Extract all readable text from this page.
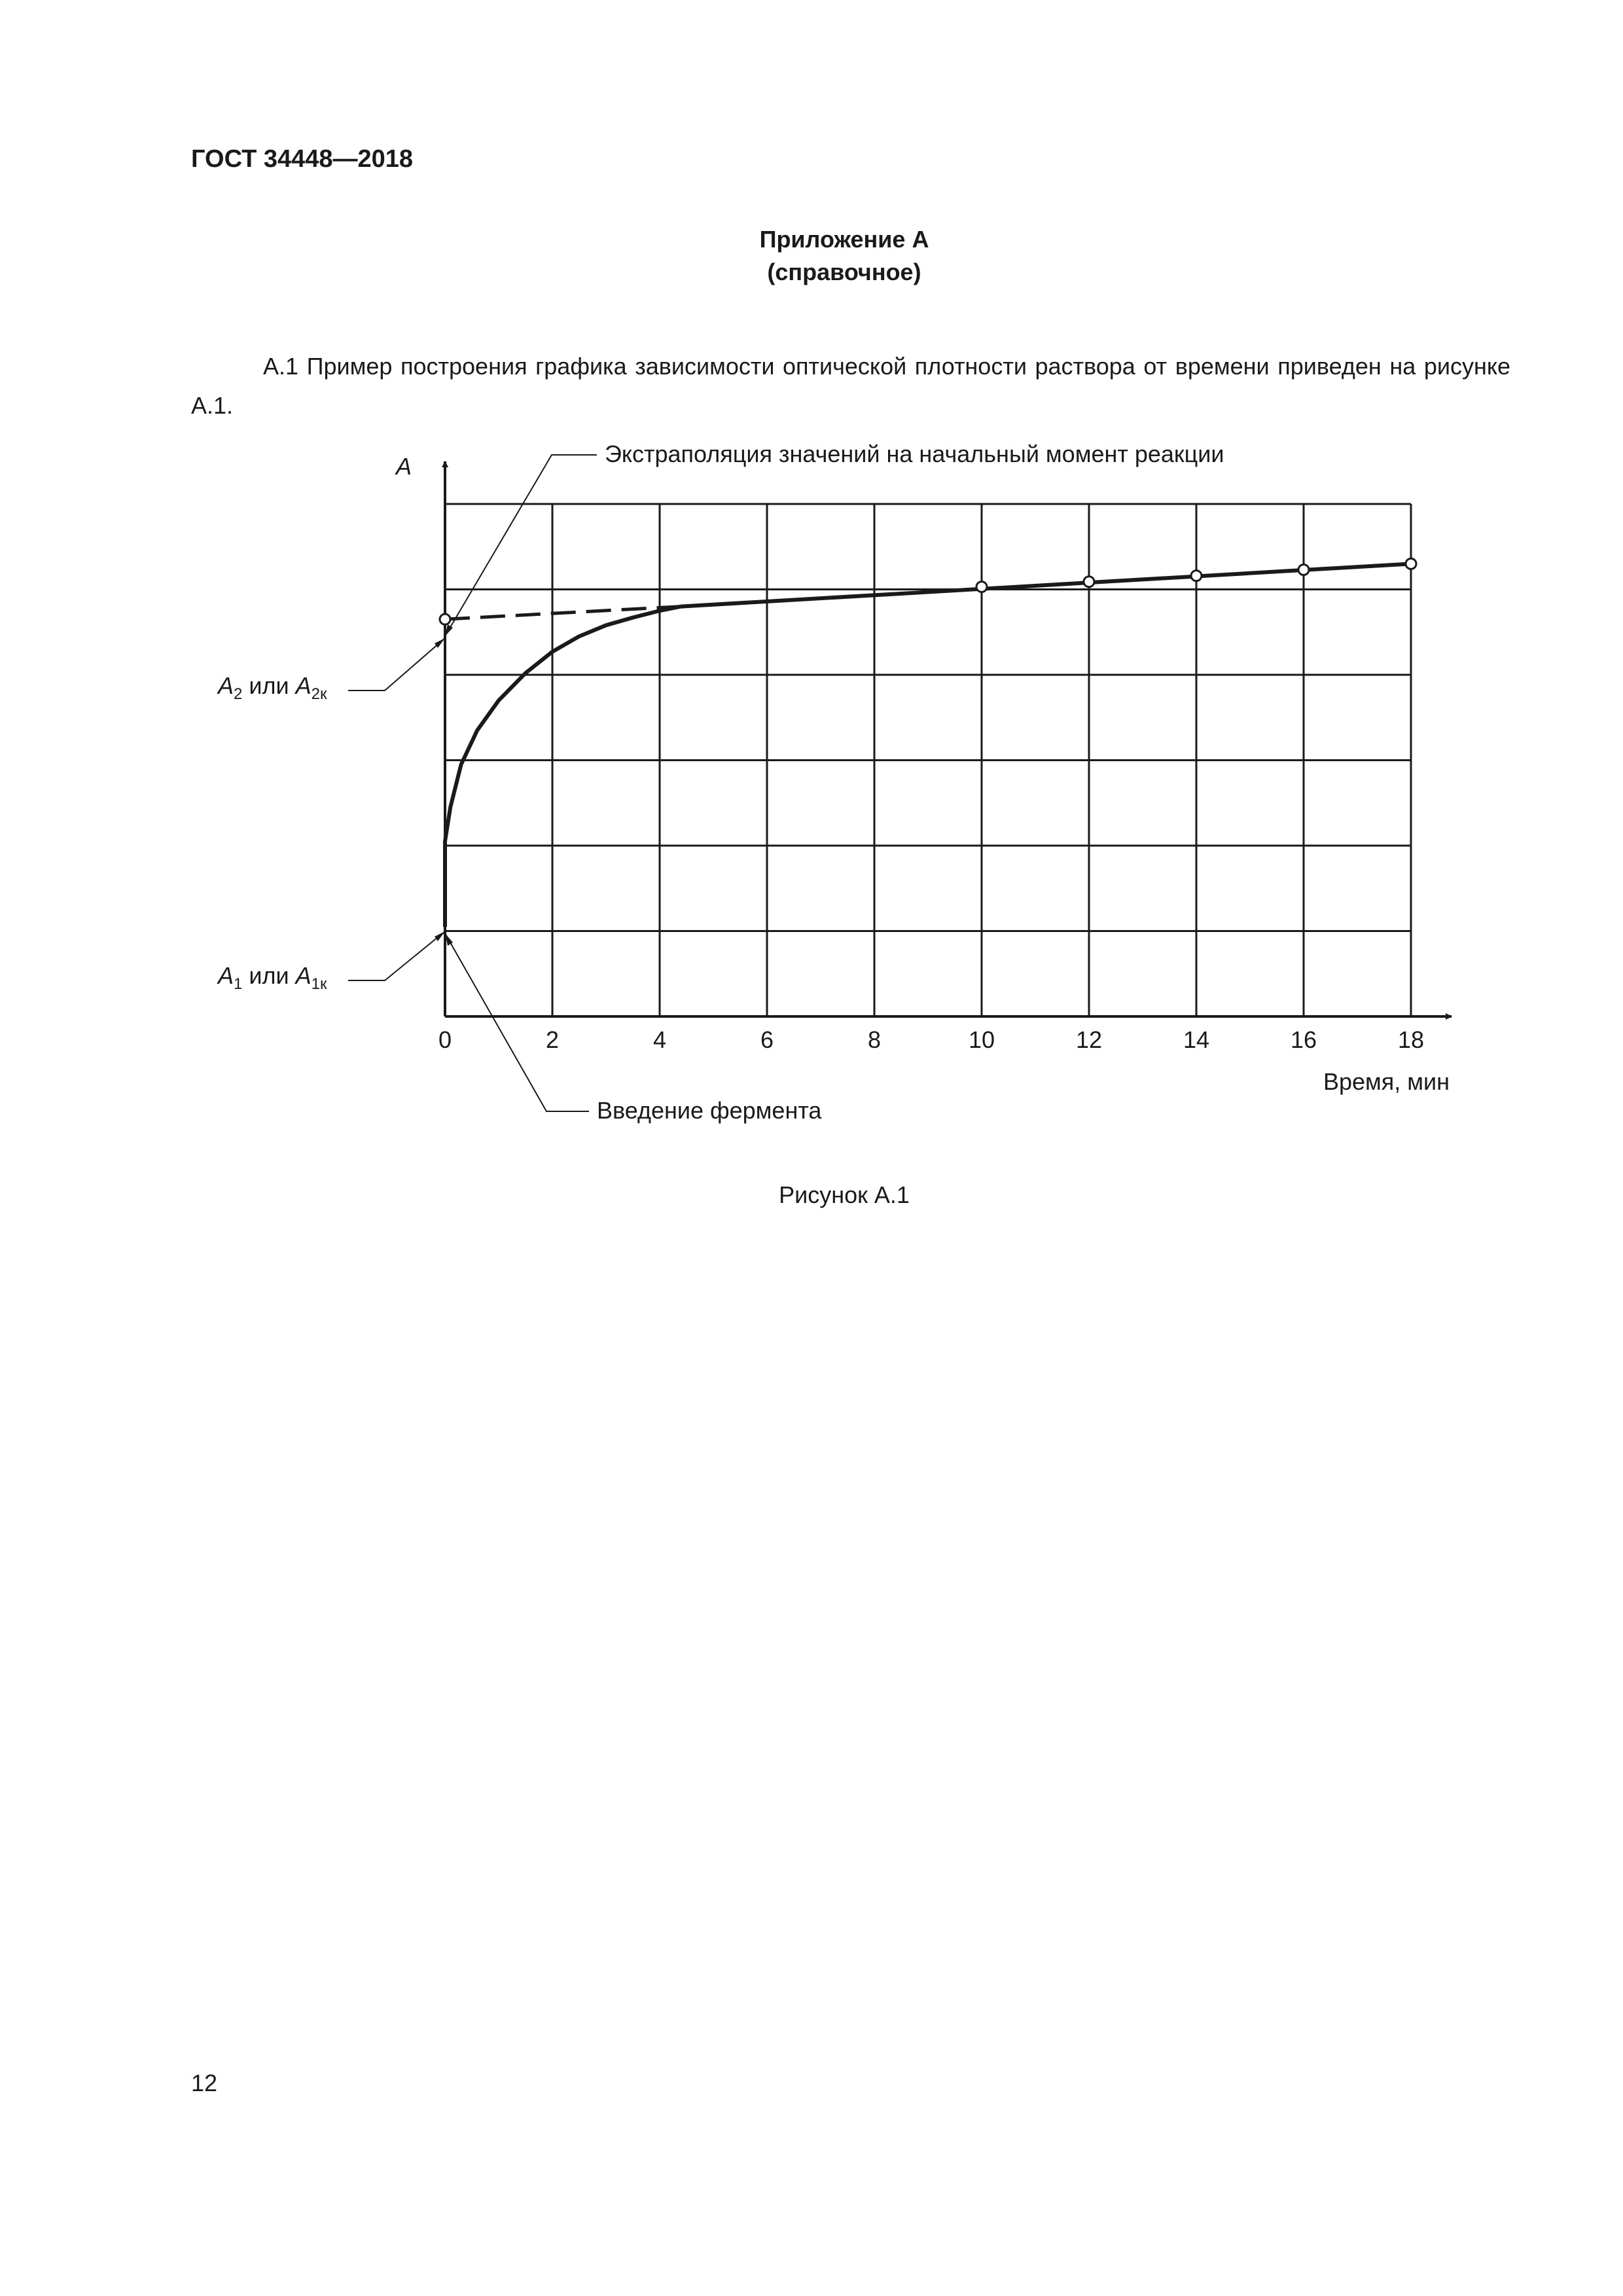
ГОСТ 34448—2018
Приложение А
(справочное)
А.1 Пример построения графика зависимости оптической плотности раствора от времени приведен на рисунке А.1.
0	2	4	6	8	10	12	14	16	18
A
Время, мин
Экстраполяция значений на начальный момент реакции
$A_2$ или $A_{2к}$
$A_1$ или $A_{1к}$
Введение фермента
Рисунок А.1
12
